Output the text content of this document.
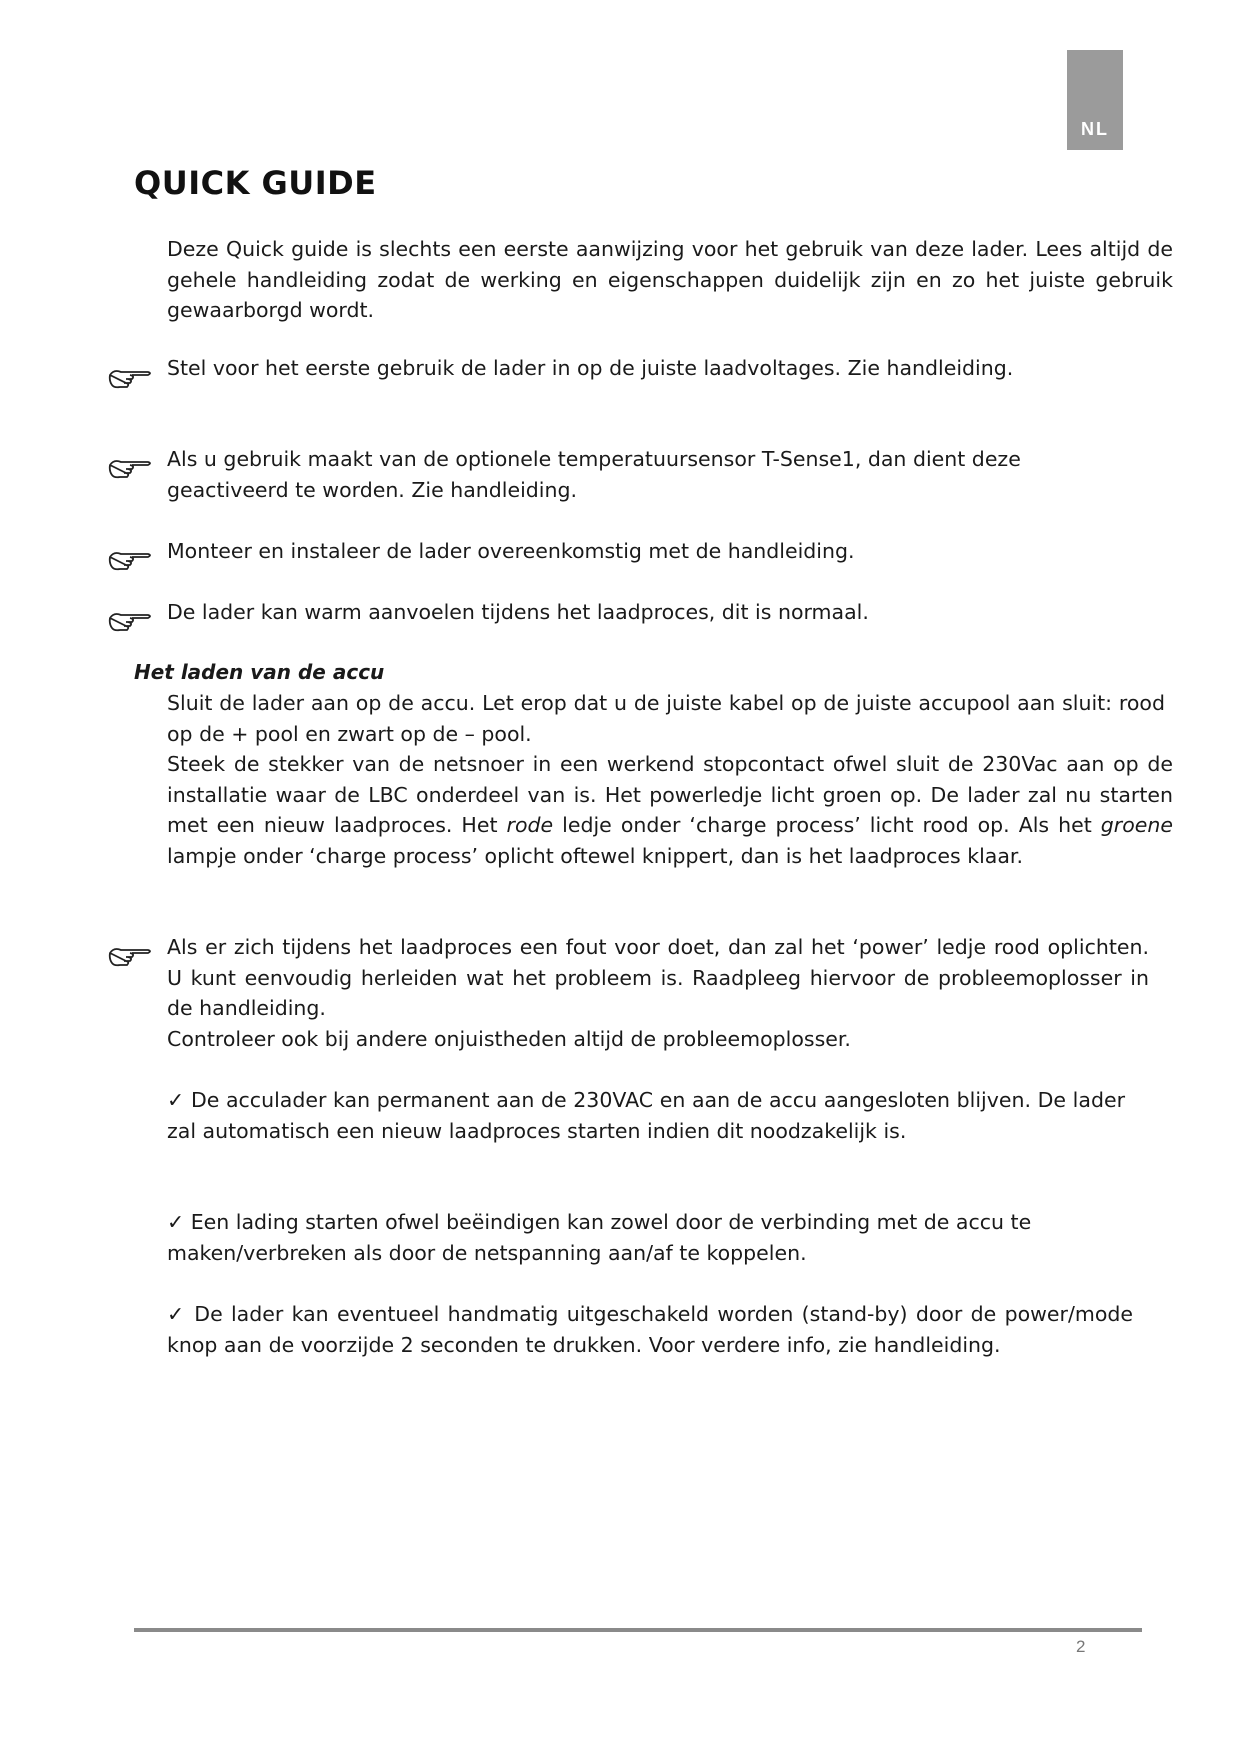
NL
QUICK GUIDE

Deze Quick guide is slechts een eerste aanwijzing voor het gebruik van deze lader. Lees altijd de gehele handleiding zodat de werking en eigenschappen duidelijk zijn en zo het juiste gebruik gewaarborgd wordt.

Stel voor het eerste gebruik de lader in op de juiste laadvoltages. Zie handleiding.

Als u gebruik maakt van de optionele temperatuursensor T-Sense1, dan dient deze geactiveerd te worden. Zie handleiding.

Monteer en instaleer de lader overeenkomstig met de handleiding.

De lader kan warm aanvoelen tijdens het laadproces, dit is normaal.

Het laden van de accu

Sluit de lader aan op de accu. Let erop dat u de juiste kabel op de juiste accupool aan sluit: rood op de + pool en zwart op de – pool.

Steek de stekker van de netsnoer in een werkend stopcontact ofwel sluit de 230Vac aan op de installatie waar de LBC onderdeel van is. Het powerledje licht groen op. De lader zal nu starten met een nieuw laadproces. Het rode ledje onder ‘charge process’ licht rood op. Als het groene lampje onder ‘charge process’ oplicht oftewel knippert, dan is het laadproces klaar.

Als er zich tijdens het laadproces een fout voor doet, dan zal het ‘power’ ledje rood oplichten. U kunt eenvoudig herleiden wat het probleem is. Raadpleeg hiervoor de probleemoplosser in de handleiding.

Controleer ook bij andere onjuistheden altijd de probleemoplosser.

✓ De acculader kan permanent aan de 230VAC en aan de accu aangesloten blijven. De lader zal automatisch een nieuw laadproces starten indien dit noodzakelijk is.

✓ Een lading starten ofwel beëindigen kan zowel door de verbinding met de accu te maken/verbreken als door de netspanning aan/af te koppelen.

✓ De lader kan eventueel handmatig uitgeschakeld worden (stand-by) door de power/mode knop aan de voorzijde 2 seconden te drukken. Voor verdere info, zie handleiding.

2
